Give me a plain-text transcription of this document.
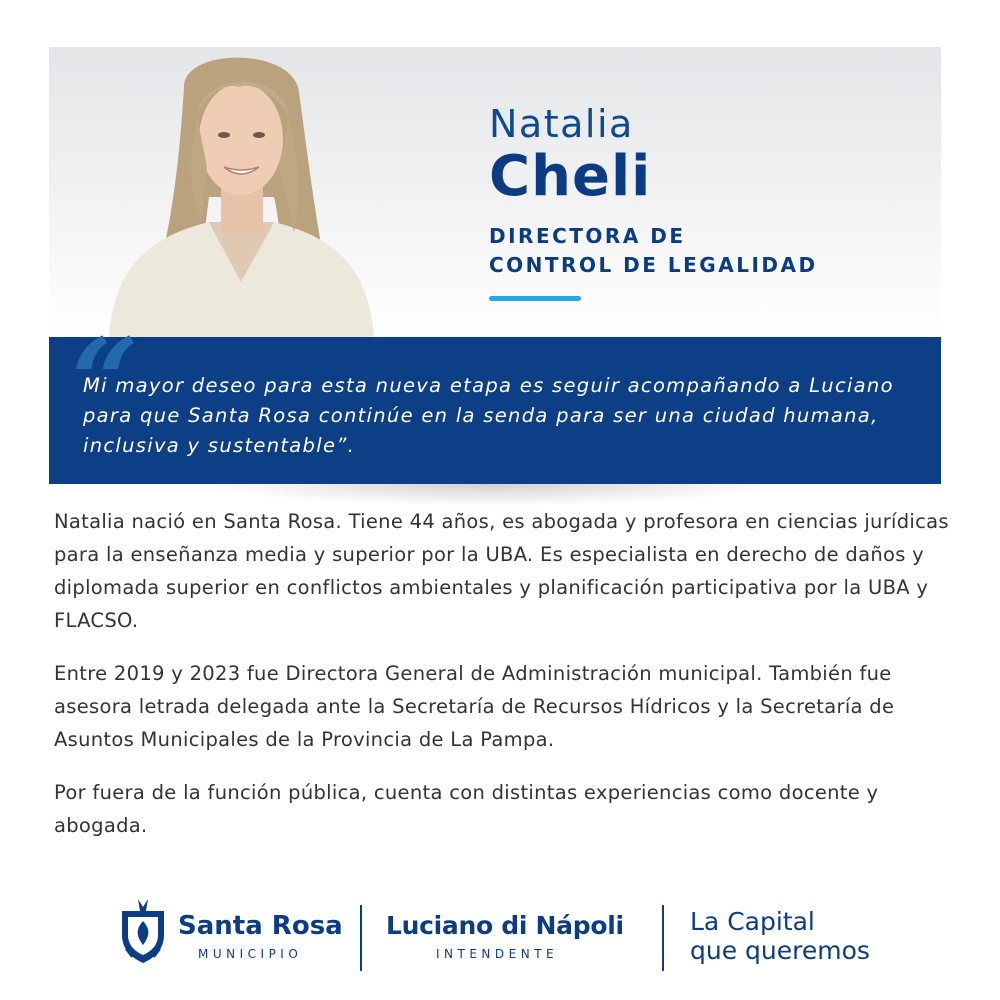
Natalia
Cheli
DIRECTORA DE
CONTROL DE LEGALIDAD
“
Mi mayor deseo para esta nueva etapa es seguir acompañando a Luciano para que Santa Rosa continúe en la senda para ser una ciudad humana, inclusiva y sustentable”.

Natalia nació en Santa Rosa. Tiene 44 años, es abogada y profesora en ciencias jurídicas para la enseñanza media y superior por la UBA. Es especialista en derecho de daños y diplomada superior en conflictos ambientales y planificación participativa por la UBA y FLACSO.

Entre 2019 y 2023 fue Directora General de Administración municipal. También fue asesora letrada delegada ante la Secretaría de Recursos Hídricos y la Secretaría de Asuntos Municipales de la Provincia de La Pampa.

Por fuera de la función pública, cuenta con distintas experiencias como docente y abogada.

Santa Rosa
MUNICIPIO
Luciano di Nápoli
INTENDENTE
La Capital
que queremos
